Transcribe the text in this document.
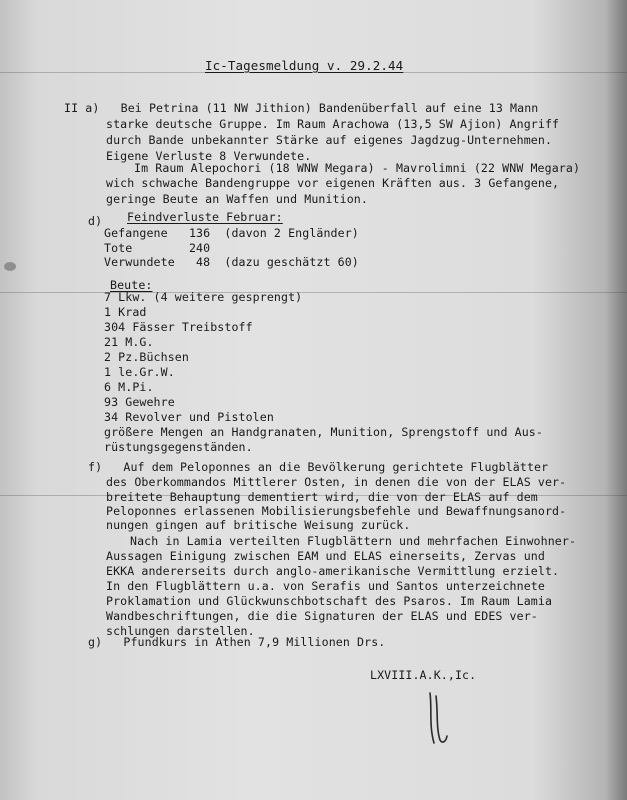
Ic-Tagesmeldung v. 29.2.44
II a)   Bei Petrina (11 NW Jithion) Bandenüberfall auf eine 13 Mann
starke deutsche Gruppe. Im Raum Arachowa (13,5 SW Ajion) Angriff
durch Bande unbekannter Stärke auf eigenes Jagdzug-Unternehmen.
Eigene Verluste 8 Verwundete.
Im Raum Alepochori (18 WNW Megara) - Mavrolimni (22 WNW Megara)
wich schwache Bandengruppe vor eigenen Kräften aus. 3 Gefangene,
geringe Beute an Waffen und Munition.
d) Feindverluste Februar:
Gefangene   136  (davon 2 Engländer)
Tote        240
Verwundete   48  (dazu geschätzt 60)
Beute:
7 Lkw. (4 weitere gesprengt)
1 Krad
304 Fässer Treibstoff
21 M.G.
2 Pz.Büchsen
1 le.Gr.W.
6 M.Pi.
93 Gewehre
34 Revolver und Pistolen
größere Mengen an Handgranaten, Munition, Sprengstoff und Aus-
rüstungsgegenständen.
f)   Auf dem Peloponnes an die Bevölkerung gerichtete Flugblätter
des Oberkommandos Mittlerer Osten, in denen die von der ELAS ver-
breitete Behauptung dementiert wird, die von der ELAS auf dem
Peloponnes erlassenen Mobilisierungsbefehle und Bewaffnungsanord-
nungen gingen auf britische Weisung zurück.
Nach in Lamia verteilten Flugblättern und mehrfachen Einwohner-
Aussagen Einigung zwischen EAM und ELAS einerseits, Zervas und
EKKA andererseits durch anglo-amerikanische Vermittlung erzielt.
In den Flugblättern u.a. von Serafis und Santos unterzeichnete
Proklamation und Glückwunschbotschaft des Psaros. Im Raum Lamia
Wandbeschriftungen, die die Signaturen der ELAS und EDES ver-
schlungen darstellen.
g)   Pfundkurs in Athen 7,9 Millionen Drs.
LXVIII.A.K.,Ic.
